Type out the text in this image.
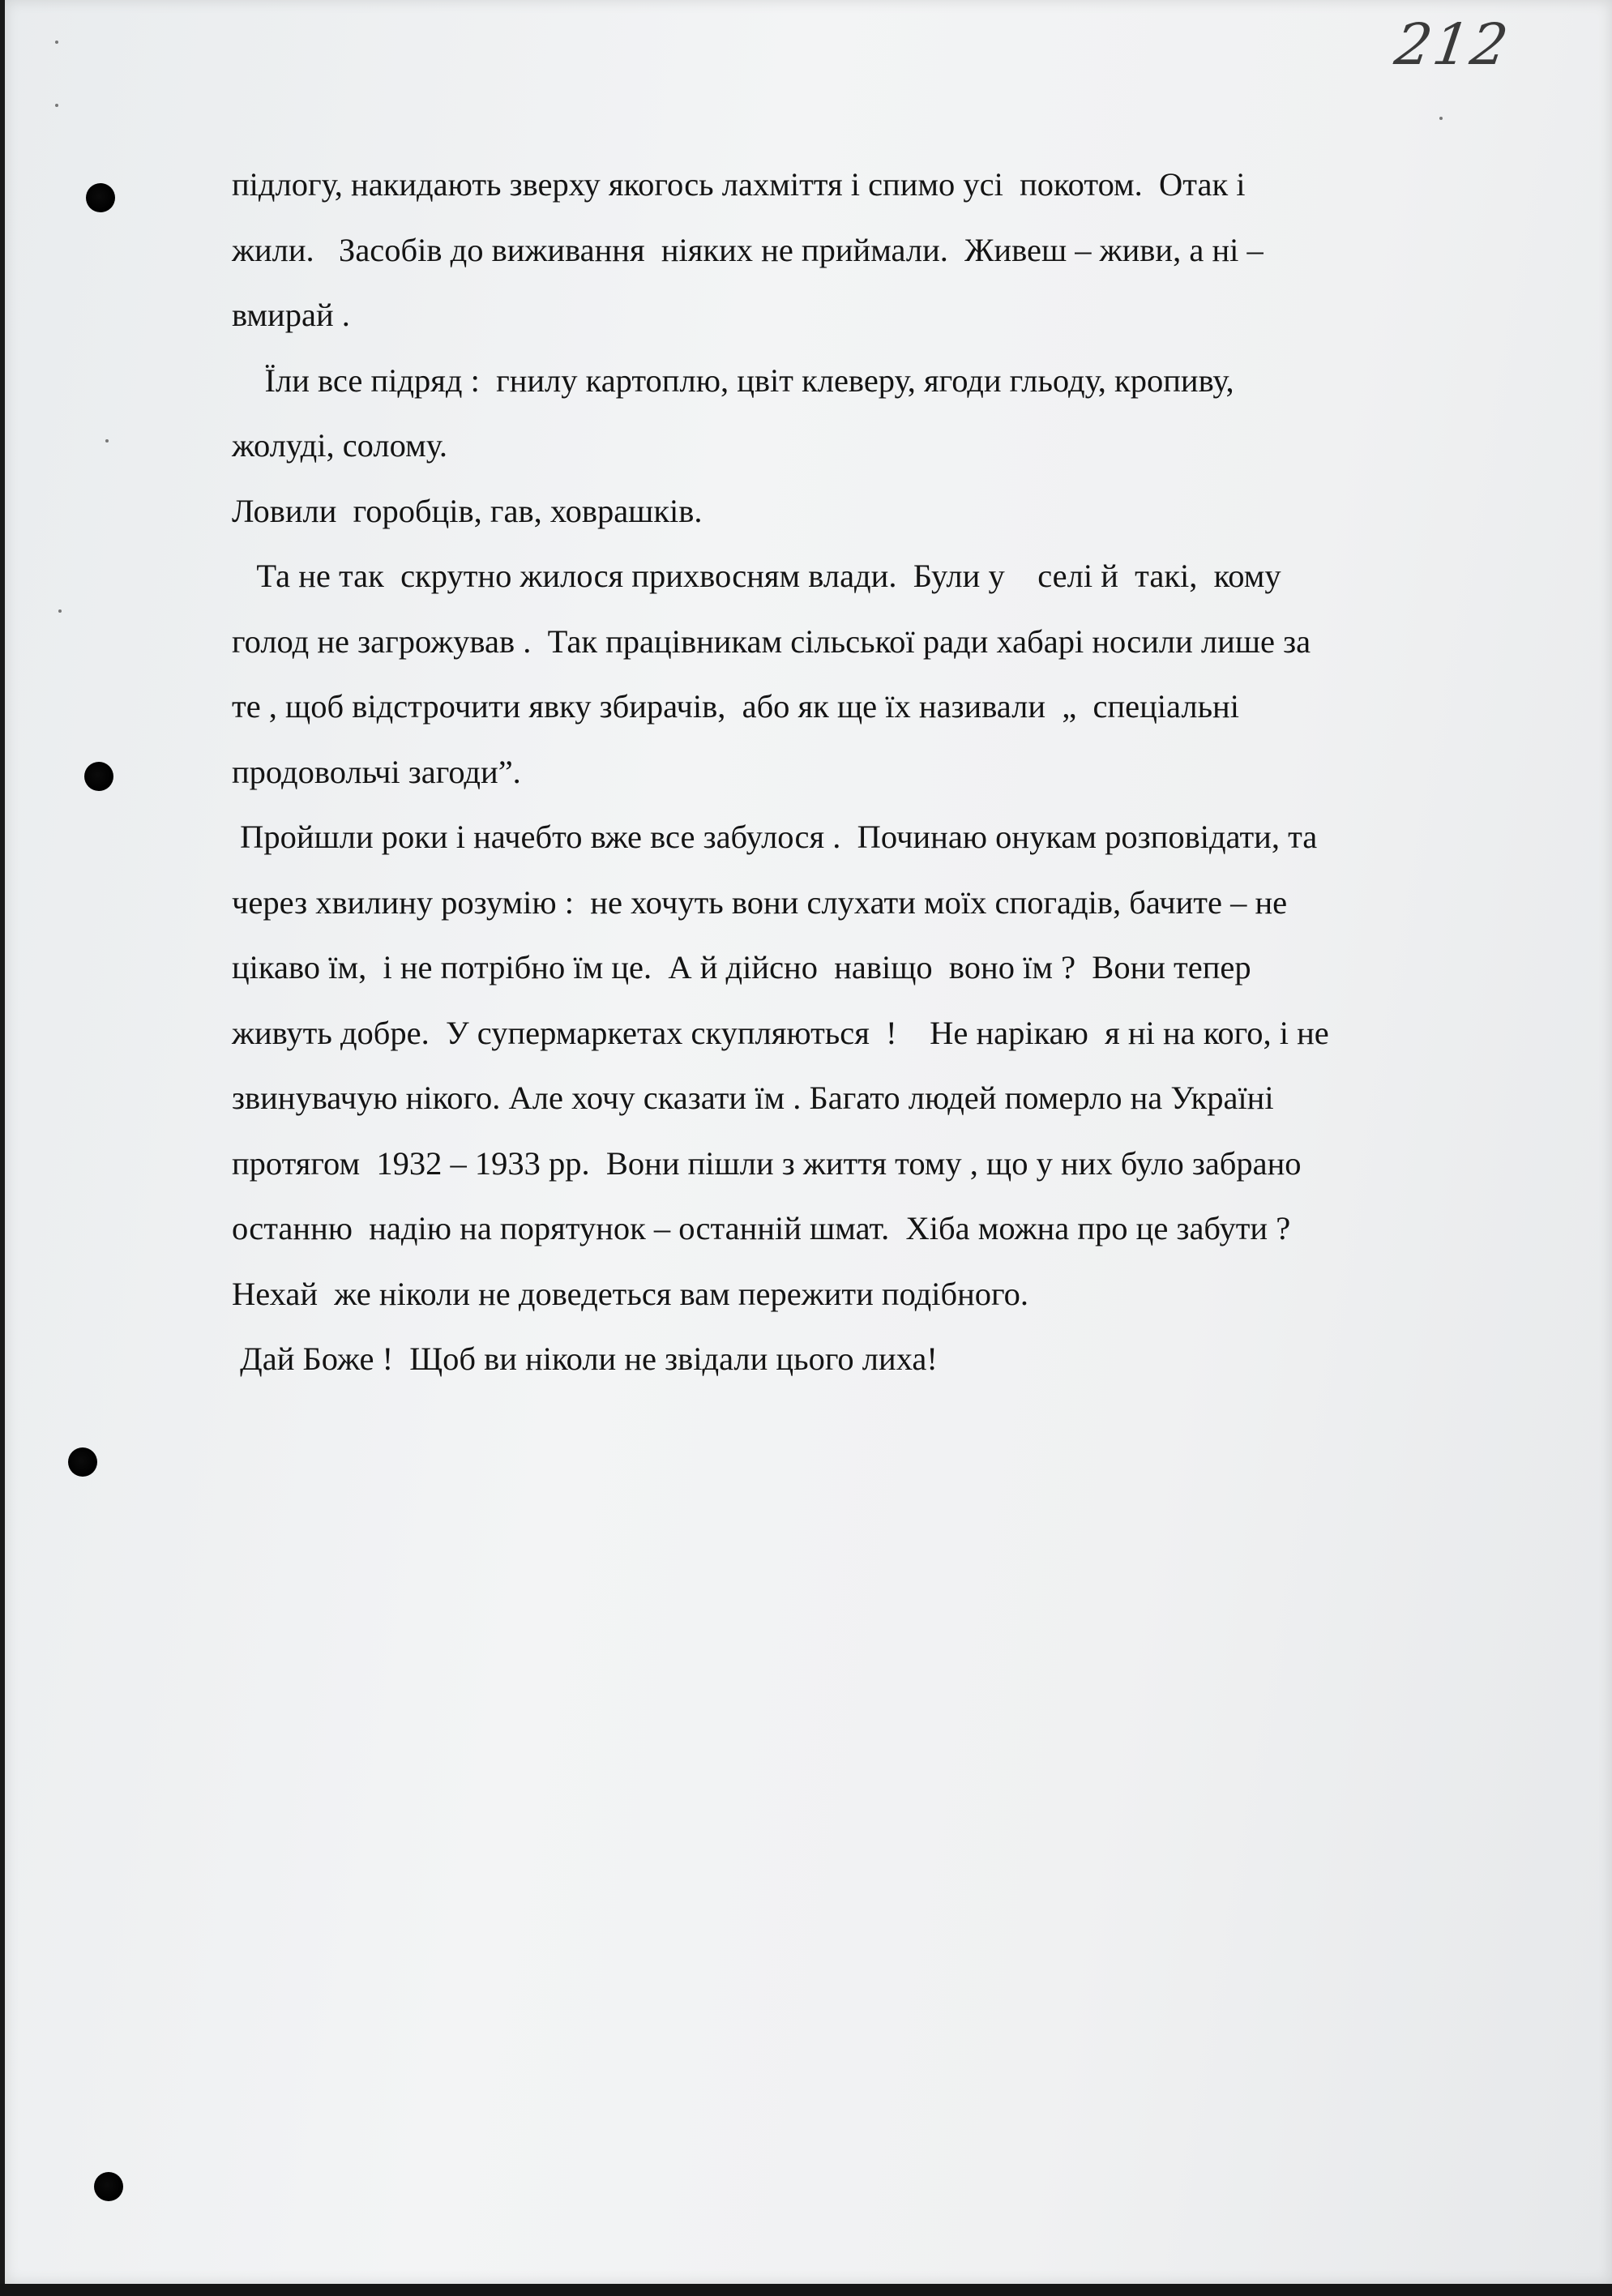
212
підлогу, накидають зверху якогось лахміття і спимо усі  покотом.  Отак і
жили.   Засобів до виживання  ніяких не приймали.  Живеш – живи, а ні –
вмирай .
Їли все підряд :  гнилу картоплю, цвіт клеверу, ягоди гльоду, кропиву,
жолуді, солому.
Ловили  горобців, гав, ховрашків.
Та не так  скрутно жилося прихвосням влади.  Були у    селі й  такі,  кому
голод не загрожував .  Так працівникам сільської ради хабарі носили лише за
те , щоб відстрочити явку збирачів,  або як ще їх називали  „  спеціальні
продовольчі загоди”.
Пройшли роки і начебто вже все забулося .  Починаю онукам розповідати, та
через хвилину розумію :  не хочуть вони слухати моїх спогадів, бачите – не
цікаво їм,  і не потрібно їм це.  А й дійсно  навіщо  воно їм ?  Вони тепер
живуть добре.  У супермаркетах скупляються  !    Не нарікаю  я ні на кого, і не
звинувачую нікого. Але хочу сказати їм . Багато людей померло на Україні
протягом  1932 – 1933 рр.  Вони пішли з життя тому , що у них було забрано
останню  надію на порятунок – останній шмат.  Хіба можна про це забути ?
Нехай  же ніколи не доведеться вам пережити подібного.
Дай Боже !  Щоб ви ніколи не звідали цього лиха!
